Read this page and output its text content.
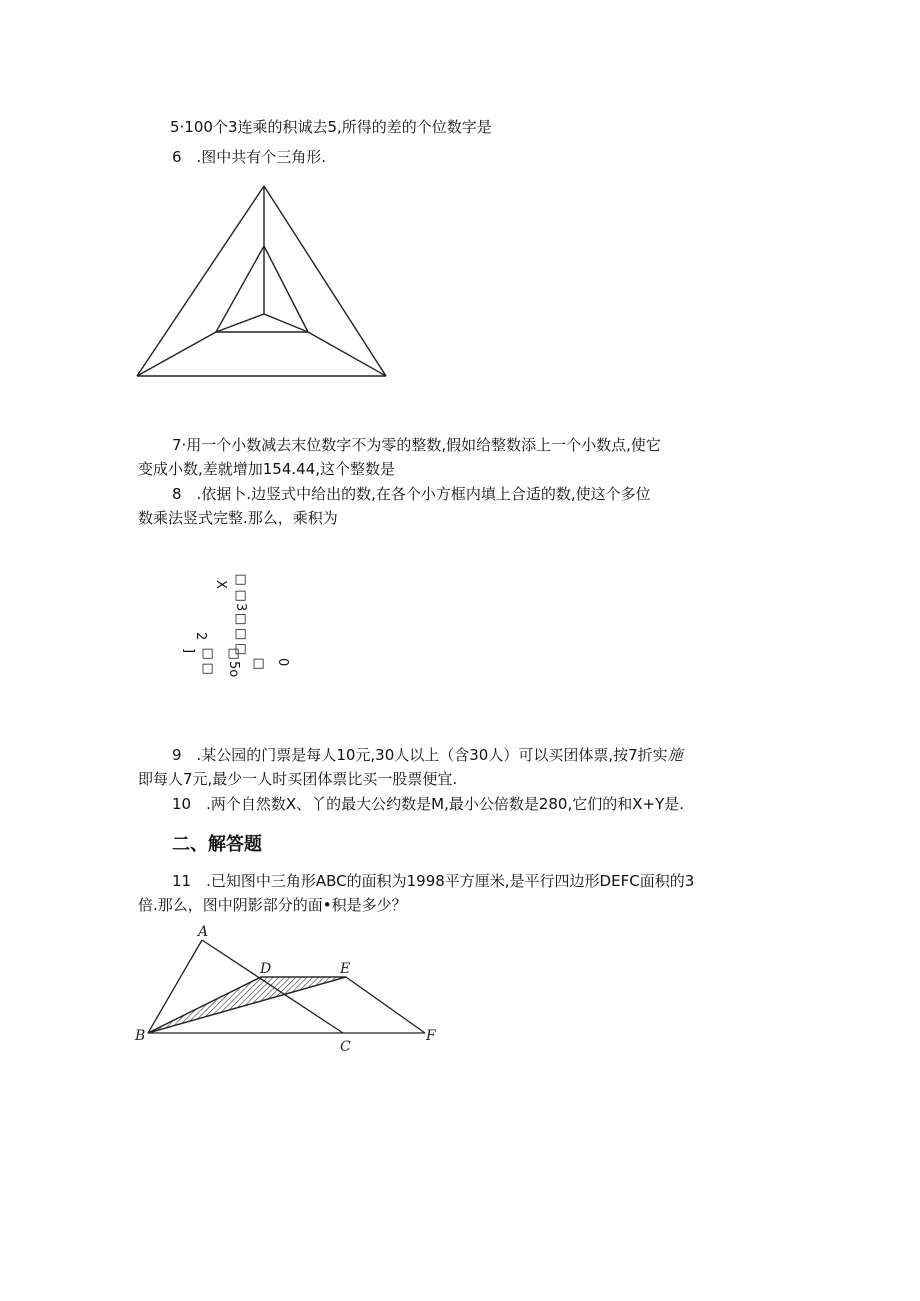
5·100个3连乘的积诚去5,所得的差的个位数字是
6　.图中共有个三角形.
7·用一个小数减去末位数字不为零的整数,假如给整数添上一个小数点,使它
变成小数,差就增加154.44,这个整数是
8　.依据卜.边竖式中给出的数,在各个小方框内填上合适的数,使这个多位
数乘法竖式完整.那么，乘积为
□
X
□3□□□
2
] □□ □5o □ 0
9　.某公园的门票是每人10元,30人以上（含30人）可以买团体票,按7折实施
即每人7元,最少一人时买团体票比买一股票便宜.
10　.两个自然数X、丫的最大公约数是M,最小公倍数是280,它们的和X+Y是.
二、解答题
11　.已知图中三角形ABC的面积为1998平方厘米,是平行四边形DEFC面积的3
倍.那么，图中阴影部分的面•积是多少？
A
B
C
D	E
F
